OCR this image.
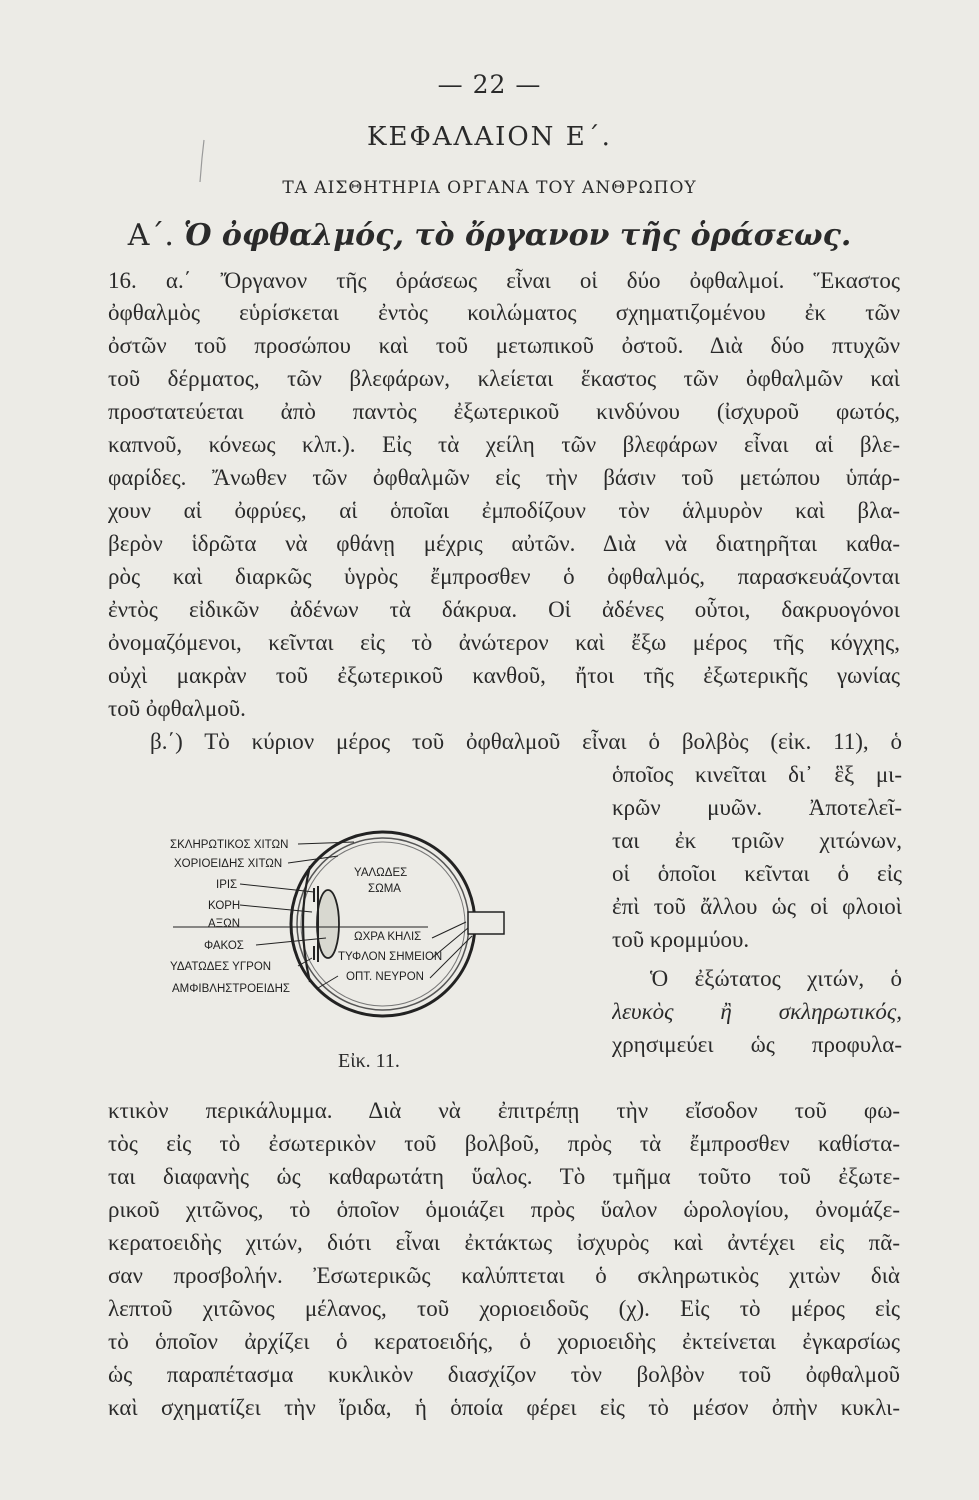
— 22 —
ΚΕΦΑΛΑΙΟΝ Ε΄.
ΤΑ ΑΙΣΘΗΤΗΡΙΑ ΟΡΓΑΝΑ ΤΟΥ ΑΝΘΡΩΠΟΥ
Α΄. Ὁ ὀφθαλμός, τὸ ὄργανον τῆς ὁράσεως.
16. α.΄ Ὄργανον τῆς ὁράσεως εἶναι οἱ δύο ὀφθαλμοί. Ἕκαστος
ὀφθαλμὸς εὑρίσκεται ἐντὸς κοιλώματος σχηματιζομένου ἐκ τῶν
ὀστῶν τοῦ προσώπου καὶ τοῦ μετωπικοῦ ὀστοῦ. Διὰ δύο πτυχῶν
τοῦ δέρματος, τῶν βλεφάρων, κλείεται ἕκαστος τῶν ὀφθαλμῶν καὶ
προστατεύεται ἀπὸ παντὸς ἐξωτερικοῦ κινδύνου (ἰσχυροῦ φωτός,
καπνοῦ, κόνεως κλπ.). Εἰς τὰ χείλη τῶν βλεφάρων εἶναι αἱ βλε-
φαρίδες. Ἄνωθεν τῶν ὀφθαλμῶν εἰς τὴν βάσιν τοῦ μετώπου ὑπάρ-
χουν αἱ ὀφρύες, αἱ ὁποῖαι ἐμποδίζουν τὸν ἁλμυρὸν καὶ βλα-
βερὸν ἱδρῶτα νὰ φθάνῃ μέχρις αὐτῶν. Διὰ νὰ διατηρῆται καθα-
ρὸς καὶ διαρκῶς ὑγρὸς ἔμπροσθεν ὁ ὀφθαλμός, παρασκευάζονται
ἐντὸς εἰδικῶν ἀδένων τὰ δάκρυα. Οἱ ἀδένες οὗτοι, δακρυογόνοι
ὀνομαζόμενοι, κεῖνται εἰς τὸ ἀνώτερον καὶ ἔξω μέρος τῆς κόγχης,
οὐχὶ μακρὰν τοῦ ἐξωτερικοῦ κανθοῦ, ἤτοι τῆς ἐξωτερικῆς γωνίας
τοῦ ὀφθαλμοῦ.
β.΄) Τὸ κύριον μέρος τοῦ ὀφθαλμοῦ εἶναι ὁ βολβὸς (εἰκ. 11), ὁ
ὁποῖος κινεῖται δι᾽ ἓξ μι-
κρῶν μυῶν. Ἀποτελεῖ-
ται ἐκ τριῶν χιτώνων,
οἱ ὁποῖοι κεῖνται ὁ εἰς
ἐπὶ τοῦ ἄλλου ὡς οἱ φλοιοὶ
τοῦ κρομμύου.
Ὁ ἐξώτατος χιτών, ὁ
λευκὸς ἢ σκληρωτικός,
χρησιμεύει ὡς προφυλα-
ΣΚΛΗΡΩΤΙΚΟΣ ΧΙΤΩΝ
ΧΟΡΙΟΕΙΔΗΣ ΧΙΤΩΝ
ΙΡΙΣ
ΚΟΡΗ
ΑΞΩΝ
ΦΑΚΟΣ
ΥΔΑΤΩΔΕΣ ΥΓΡΟΝ
ΑΜΦΙΒΛΗΣΤΡΟΕΙΔΗΣ
ΥΑΛΩΔΕΣ
ΣΩΜΑ
ΩΧΡΑ ΚΗΛΙΣ
ΤΥΦΛΟΝ ΣΗΜΕΙΟΝ
ΟΠΤ. ΝΕΥΡΟΝ
Εἰκ. 11.
κτικὸν περικάλυμμα. Διὰ νὰ ἐπιτρέπῃ τὴν εἴσοδον τοῦ φω-
τὸς εἰς τὸ ἐσωτερικὸν τοῦ βολβοῦ, πρὸς τὰ ἔμπροσθεν καθίστα-
ται διαφανὴς ὡς καθαρωτάτη ὕαλος. Τὸ τμῆμα τοῦτο τοῦ ἐξωτε-
ρικοῦ χιτῶνος, τὸ ὁποῖον ὁμοιάζει πρὸς ὕαλον ὡρολογίου, ὀνομάζε-
κερατοειδὴς χιτών, διότι εἶναι ἐκτάκτως ἰσχυρὸς καὶ ἀντέχει εἰς πᾶ-
σαν προσβολήν. Ἐσωτερικῶς καλύπτεται ὁ σκληρωτικὸς χιτὼν διὰ
λεπτοῦ χιτῶνος μέλανος, τοῦ χοριοειδοῦς (χ). Εἰς τὸ μέρος εἰς
τὸ ὁποῖον ἀρχίζει ὁ κερατοειδής, ὁ χοριοειδὴς ἐκτείνεται ἐγκαρσίως
ὡς παραπέτασμα κυκλικὸν διασχίζον τὸν βολβὸν τοῦ ὀφθαλμοῦ
καὶ σχηματίζει τὴν ἴριδα, ἡ ὁποία φέρει εἰς τὸ μέσον ὀπὴν κυκλι-
